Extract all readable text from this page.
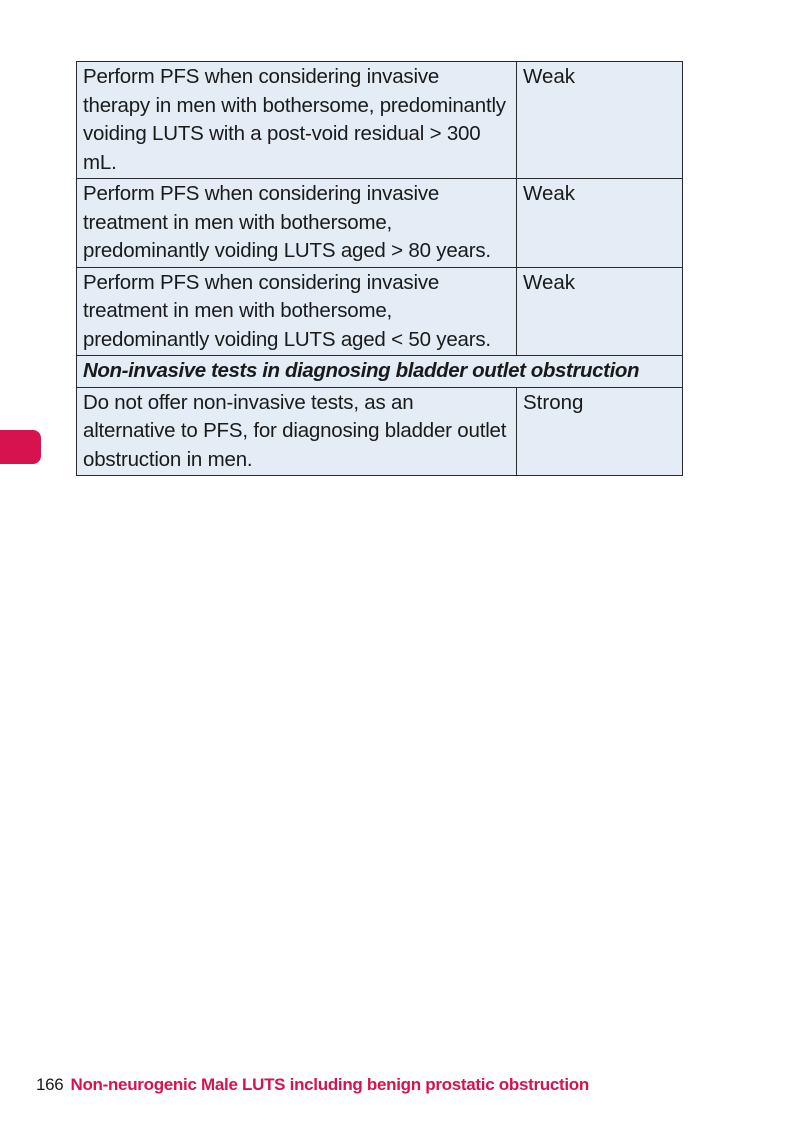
Perform PFS when considering invasive therapy in men with bothersome, predominantly voiding LUTS with a post-void residual > 300 mL.	Weak
Perform PFS when considering invasive treatment in men with bothersome, predominantly voiding LUTS aged > 80 years.	Weak
Perform PFS when considering invasive treatment in men with bothersome, predominantly voiding LUTS aged < 50 years.	Weak
Non-invasive tests in diagnosing bladder outlet obstruction	
Do not offer non-invasive tests, as an alternative to PFS, for diagnosing bladder outlet obstruction in men.	Strong
166 Non-neurogenic Male LUTS including benign prostatic obstruction
